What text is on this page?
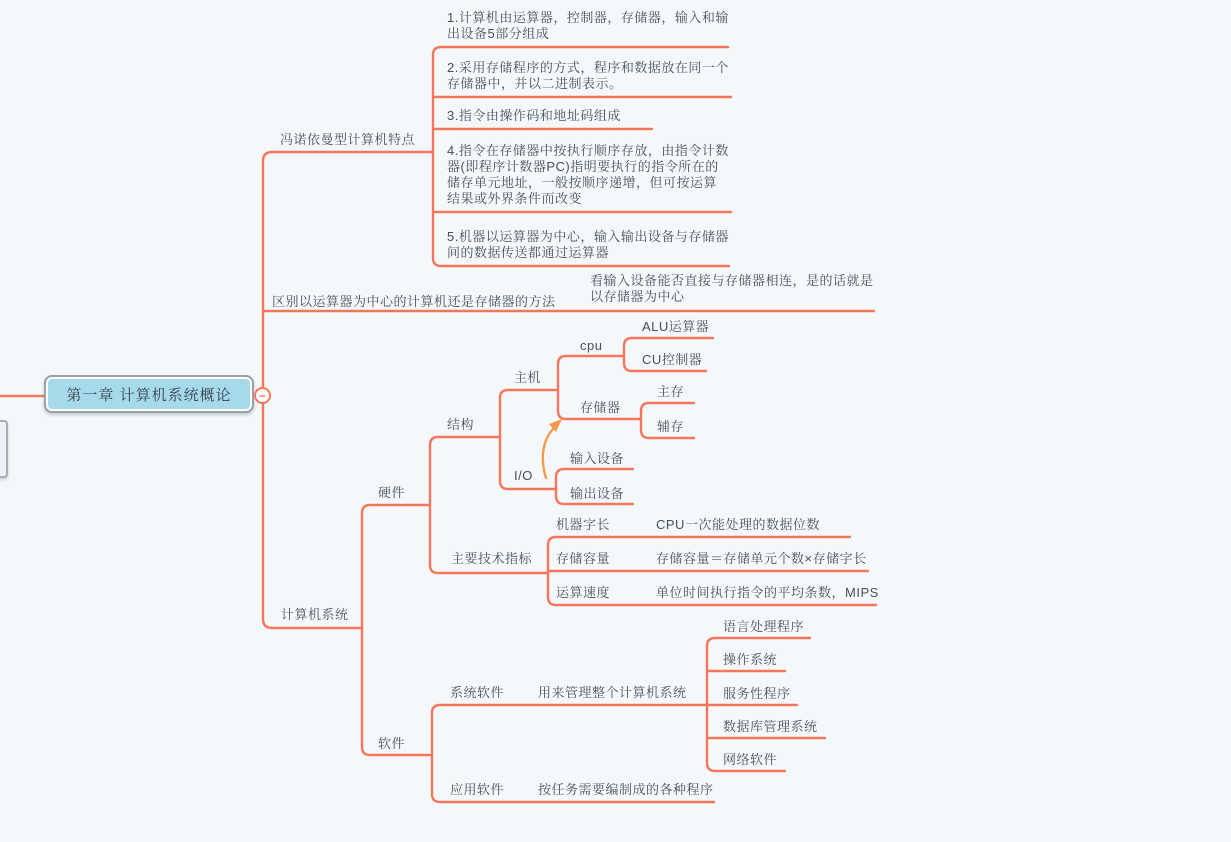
第一章 计算机系统概论	−
冯诺依曼型计算机特点
1.计算机由运算器，控制器，存储器，输入和输出设备5部分组成
2.采用存储程序的方式，程序和数据放在同一个存储器中，并以二进制表示。
3.指令由操作码和地址码组成
4.指令在存储器中按执行顺序存放，由指令计数器(即程序计数器PC)指明要执行的指令所在的储存单元地址，一般按顺序递增，但可按运算结果或外界条件而改变
5.机器以运算器为中心，输入输出设备与存储器间的数据传送都通过运算器
区别以运算器为中心的计算机还是存储器的方法
看输入设备能否直接与存储器相连，是的话就是以存储器为中心
计算机系统
硬件
结构
主机
cpu
ALU运算器
CU控制器
存储器
主存
辅存
I/O
输入设备
输出设备
主要技术指标
机器字长	CPU一次能处理的数据位数
存储容量	存储容量＝存储单元个数×存储字长
运算速度	单位时间执行指令的平均条数，MIPS
软件
系统软件	用来管理整个计算机系统
语言处理程序
操作系统
服务性程序
数据库管理系统
网络软件
应用软件	按任务需要编制成的各种程序
